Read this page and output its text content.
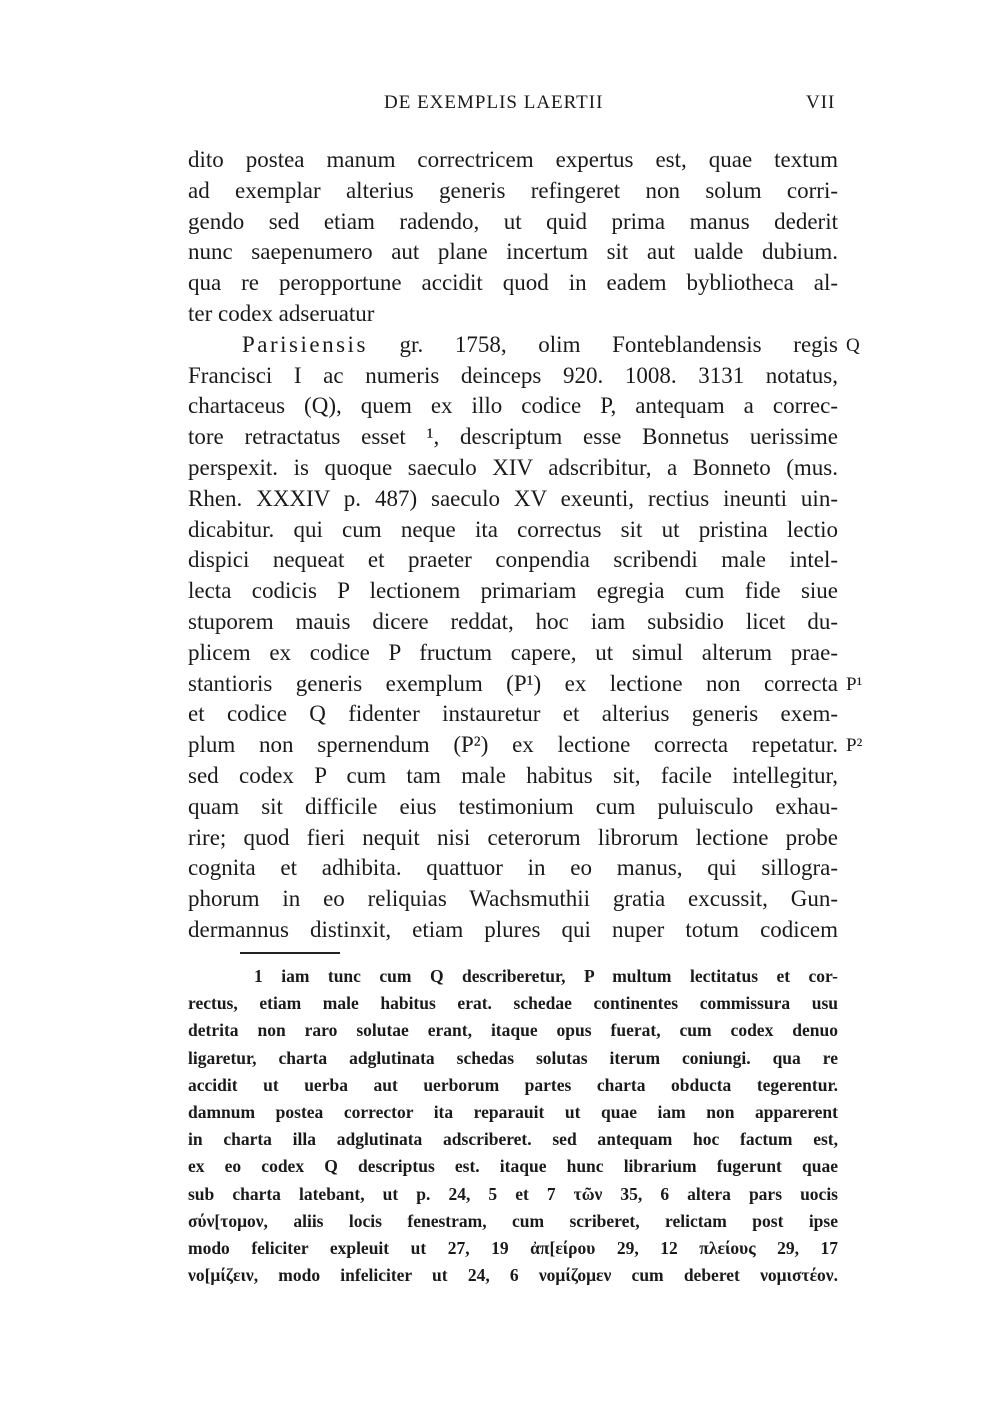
DE EXEMPLIS LAERTII	VII
dito postea manum correctricem expertus est, quae textum
ad exemplar alterius generis refingeret non solum corri-
gendo sed etiam radendo, ut quid prima manus dederit
nunc saepenumero aut plane incertum sit aut ualde dubium.
qua re peropportune accidit quod in eadem bybliotheca al-
ter codex adseruatur
Parisiensis gr. 1758, olim Fonteblandensis regis
Francisci I ac numeris deinceps 920. 1008. 3131 notatus,
chartaceus (Q), quem ex illo codice P, antequam a correc-
tore retractatus esset ¹, descriptum esse Bonnetus uerissime
perspexit. is quoque saeculo XIV adscribitur, a Bonneto (mus.
Rhen. XXXIV p. 487) saeculo XV exeunti, rectius ineunti uin-
dicabitur. qui cum neque ita correctus sit ut pristina lectio
dispici nequeat et praeter conpendia scribendi male intel-
lecta codicis P lectionem primariam egregia cum fide siue
stuporem mauis dicere reddat, hoc iam subsidio licet du-
plicem ex codice P fructum capere, ut simul alterum prae-
stantioris generis exemplum (P¹) ex lectione non correcta
et codice Q fidenter instauretur et alterius generis exem-
plum non spernendum (P²) ex lectione correcta repetatur.
sed codex P cum tam male habitus sit, facile intellegitur,
quam sit difficile eius testimonium cum puluisculo exhau-
rire; quod fieri nequit nisi ceterorum librorum lectione probe
cognita et adhibita. quattuor in eo manus, qui sillogra-
phorum in eo reliquias Wachsmuthii gratia excussit, Gun-
dermannus distinxit, etiam plures qui nuper totum codicem
Q
P¹
P²
1 iam tunc cum Q describeretur, P multum lectitatus et cor-
rectus, etiam male habitus erat. schedae continentes commissura usu
detrita non raro solutae erant, itaque opus fuerat, cum codex denuo
ligaretur, charta adglutinata schedas solutas iterum coniungi. qua re
accidit ut uerba aut uerborum partes charta obducta tegerentur.
damnum postea corrector ita reparauit ut quae iam non apparerent
in charta illa adglutinata adscriberet. sed antequam hoc factum est,
ex eo codex Q descriptus est. itaque hunc librarium fugerunt quae
sub charta latebant, ut p. 24, 5 et 7 τῶν 35, 6 altera pars uocis
σύν[τομον, aliis locis fenestram, cum scriberet, relictam post ipse
modo feliciter expleuit ut 27, 19 ἀπ[είρου 29, 12 πλείους 29, 17
νο[μίζειν, modo infeliciter ut 24, 6 νομίζομεν cum deberet νομιστέον.
